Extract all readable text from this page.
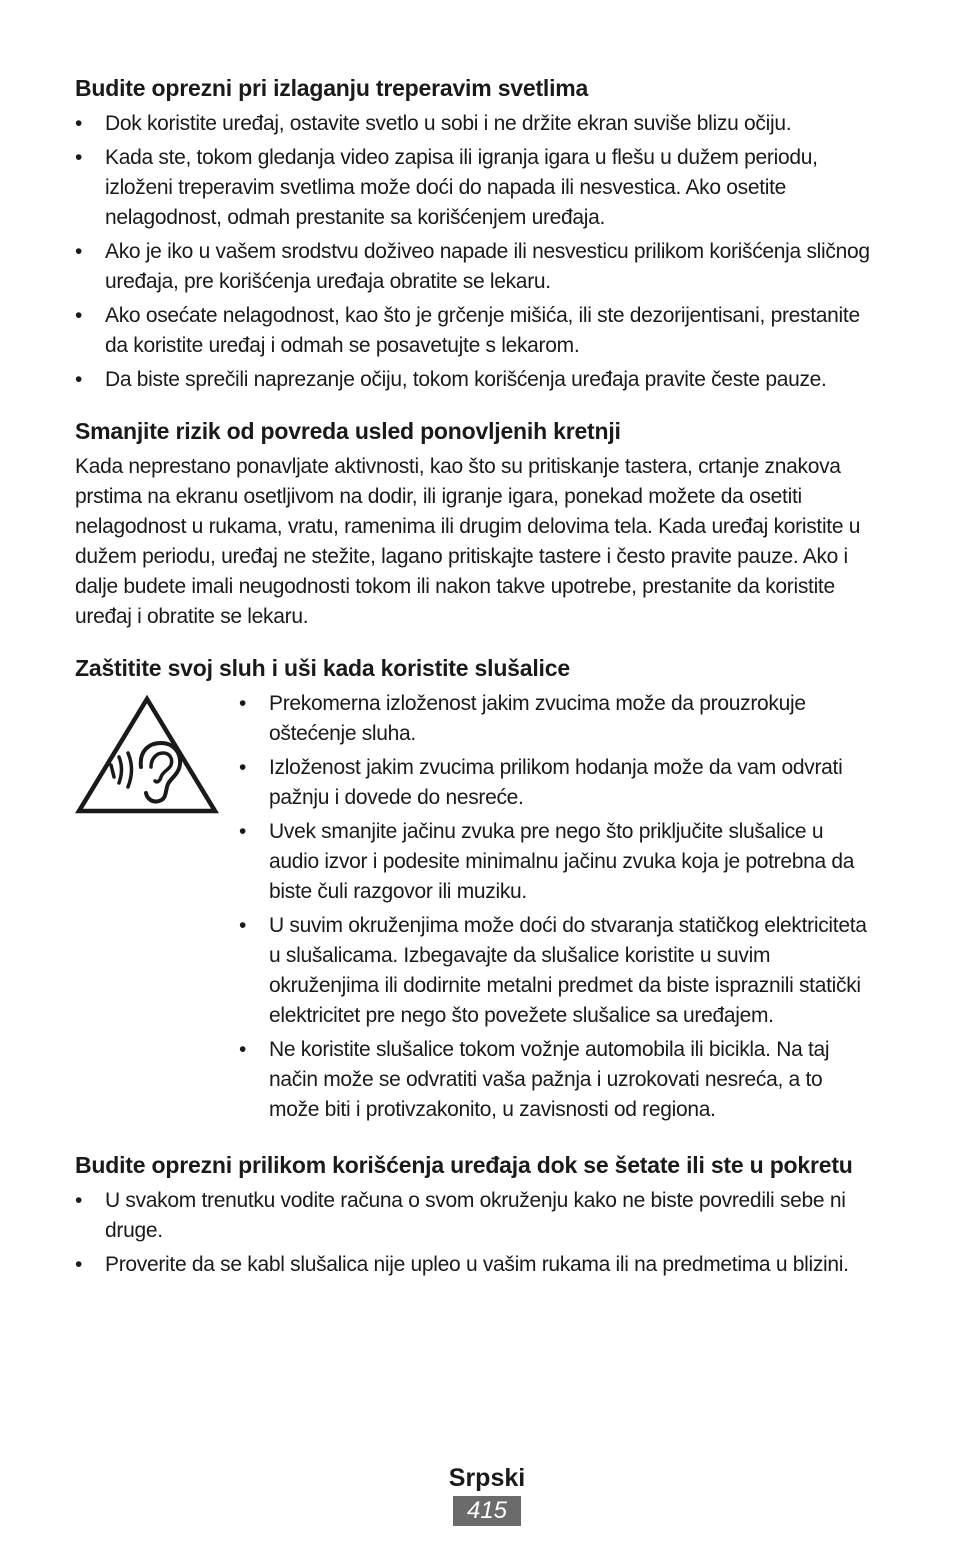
Budite oprezni pri izlaganju treperavim svetlima
• Dok koristite uređaj, ostavite svetlo u sobi i ne držite ekran suviše blizu očiju.
• Kada ste, tokom gledanja video zapisa ili igranja igara u flešu u dužem periodu, izloženi treperavim svetlima može doći do napada ili nesvestica. Ako osetite nelagodnost, odmah prestanite sa korišćenjem uređaja.
• Ako je iko u vašem srodstvu doživeo napade ili nesvesticu prilikom korišćenja sličnog uređaja, pre korišćenja uređaja obratite se lekaru.
• Ako osećate nelagodnost, kao što je grčenje mišića, ili ste dezorijentisani, prestanite da koristite uređaj i odmah se posavetujte s lekarom.
• Da biste sprečili naprezanje očiju, tokom korišćenja uređaja pravite česte pauze.
Smanjite rizik od povreda usled ponovljenih kretnji

Kada neprestano ponavljate aktivnosti, kao što su pritiskanje tastera, crtanje znakova prstima na ekranu osetljivom na dodir, ili igranje igara, ponekad možete da osetiti nelagodnost u rukama, vratu, ramenima ili drugim delovima tela. Kada uređaj koristite u dužem periodu, uređaj ne stežite, lagano pritiskajte tastere i često pravite pauze. Ako i dalje budete imali neugodnosti tokom ili nakon takve upotrebe, prestanite da koristite uređaj i obratite se lekaru.

Zaštitite svoj sluh i uši kada koristite slušalice
• Prekomerna izloženost jakim zvucima može da prouzrokuje oštećenje sluha.
• Izloženost jakim zvucima prilikom hodanja može da vam odvrati pažnju i dovede do nesreće.
• Uvek smanjite jačinu zvuka pre nego što priključite slušalice u audio izvor i podesite minimalnu jačinu zvuka koja je potrebna da biste čuli razgovor ili muziku.
• U suvim okruženjima može doći do stvaranja statičkog elektriciteta u slušalicama. Izbegavajte da slušalice koristite u suvim okruženjima ili dodirnite metalni predmet da biste ispraznili statički elektricitet pre nego što povežete slušalice sa uređajem.
• Ne koristite slušalice tokom vožnje automobila ili bicikla. Na taj način može se odvratiti vaša pažnja i uzrokovati nesreća, a to može biti i protivzakonito, u zavisnosti od regiona.
Budite oprezni prilikom korišćenja uređaja dok se šetate ili ste u pokretu
• U svakom trenutku vodite računa o svom okruženju kako ne biste povredili sebe ni druge.
• Proverite da se kabl slušalica nije upleo u vašim rukama ili na predmetima u blizini.
Srpski
415
